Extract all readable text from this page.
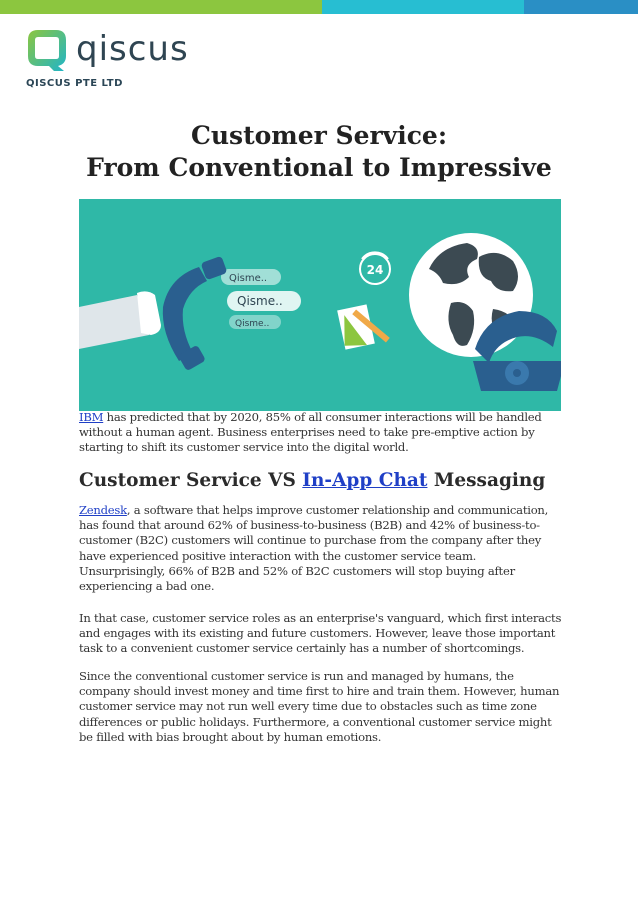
qiscus
QISCUS PTE LTD
Customer Service:
From Conventional to Impressive
24
Qisme..
Qisme..
Qisme..

IBM has predicted that by 2020, 85% of all consumer interactions will be handled without a human agent. Business enterprises need to take pre-emptive action by starting to shift its customer service into the digital world.

Customer Service VS In-App Chat Messaging

Zendesk, a software that helps improve customer relationship and communication, has found that around 62% of business-to-business (B2B) and 42% of business-to-customer (B2C) customers will continue to purchase from the company after they have experienced positive interaction with the customer service team. Unsurprisingly, 66% of B2B and 52% of B2C customers will stop buying after experiencing a bad one.

In that case, customer service roles as an enterprise's vanguard, which first interacts and engages with its existing and future customers. However, leave those important task to a convenient customer service certainly has a number of shortcomings.

Since the conventional customer service is run and managed by humans, the company should invest money and time first to hire and train them. However, human customer service may not run well every time due to obstacles such as time zone differences or public holidays. Furthermore, a conventional customer service might be filled with bias brought about by human emotions.
